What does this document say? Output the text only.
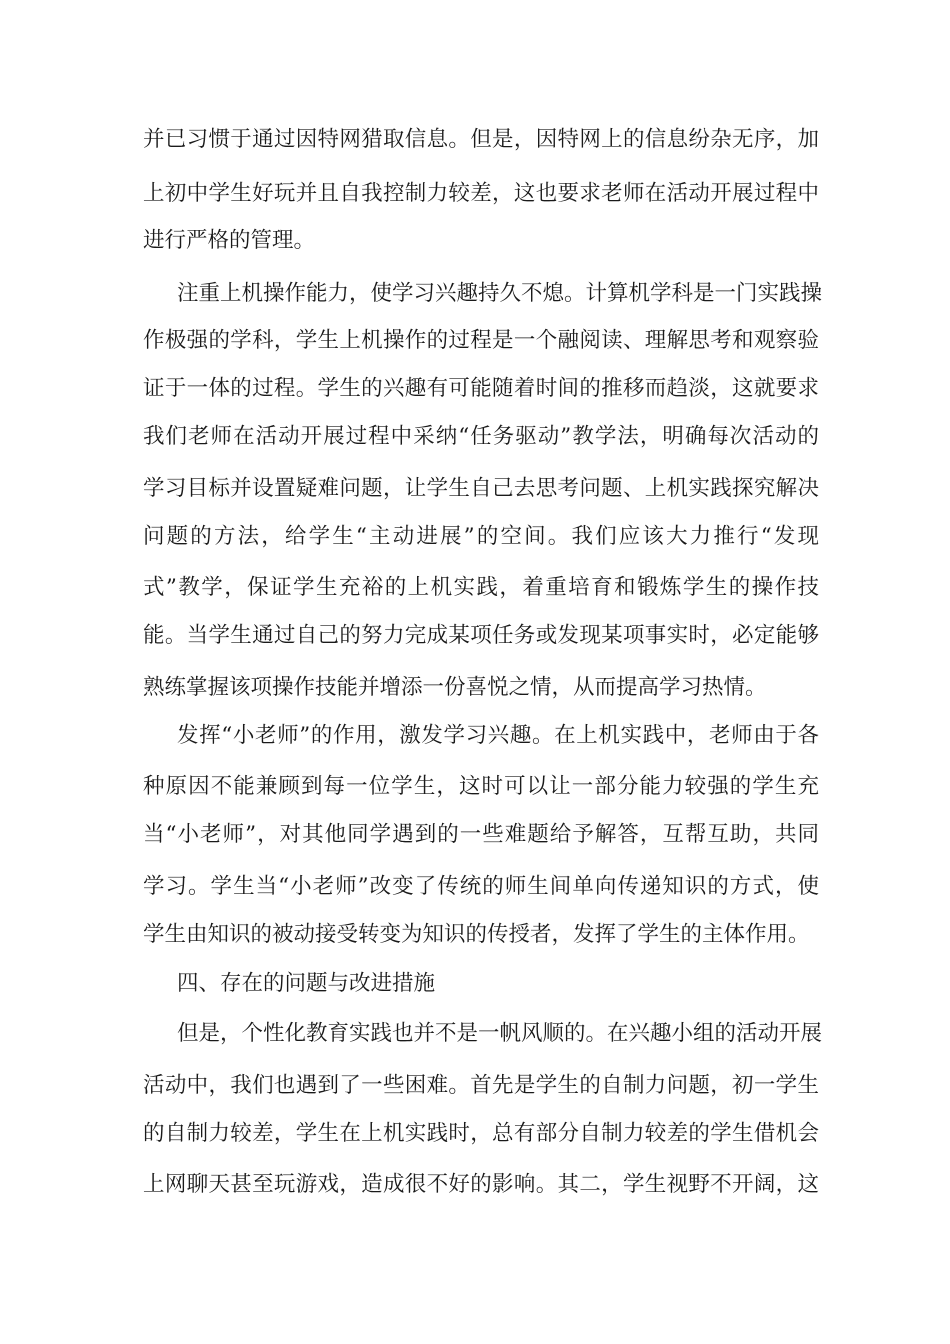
并已习惯于通过因特网猎取信息。但是，因特网上的信息纷杂无序，加

上初中学生好玩并且自我控制力较差，这也要求老师在活动开展过程中

进行严格的管理。

注重上机操作能力，使学习兴趣持久不熄。计算机学科是一门实践操

作极强的学科，学生上机操作的过程是一个融阅读、理解思考和观察验

证于一体的过程。学生的兴趣有可能随着时间的推移而趋淡，这就要求

我们老师在活动开展过程中采纳“任务驱动”教学法，明确每次活动的

学习目标并设置疑难问题，让学生自己去思考问题、上机实践探究解决

问题的方法，给学生“主动进展”的空间。我们应该大力推行“发现

式”教学，保证学生充裕的上机实践，着重培育和锻炼学生的操作技

能。当学生通过自己的努力完成某项任务或发现某项事实时，必定能够

熟练掌握该项操作技能并增添一份喜悦之情，从而提高学习热情。

发挥“小老师”的作用，激发学习兴趣。在上机实践中，老师由于各

种原因不能兼顾到每一位学生，这时可以让一部分能力较强的学生充

当“小老师”，对其他同学遇到的一些难题给予解答，互帮互助，共同

学习。学生当“小老师”改变了传统的师生间单向传递知识的方式，使

学生由知识的被动接受转变为知识的传授者，发挥了学生的主体作用。

四、存在的问题与改进措施

但是，个性化教育实践也并不是一帆风顺的。在兴趣小组的活动开展

活动中，我们也遇到了一些困难。首先是学生的自制力问题，初一学生

的自制力较差，学生在上机实践时，总有部分自制力较差的学生借机会

上网聊天甚至玩游戏，造成很不好的影响。其二，学生视野不开阔，这
